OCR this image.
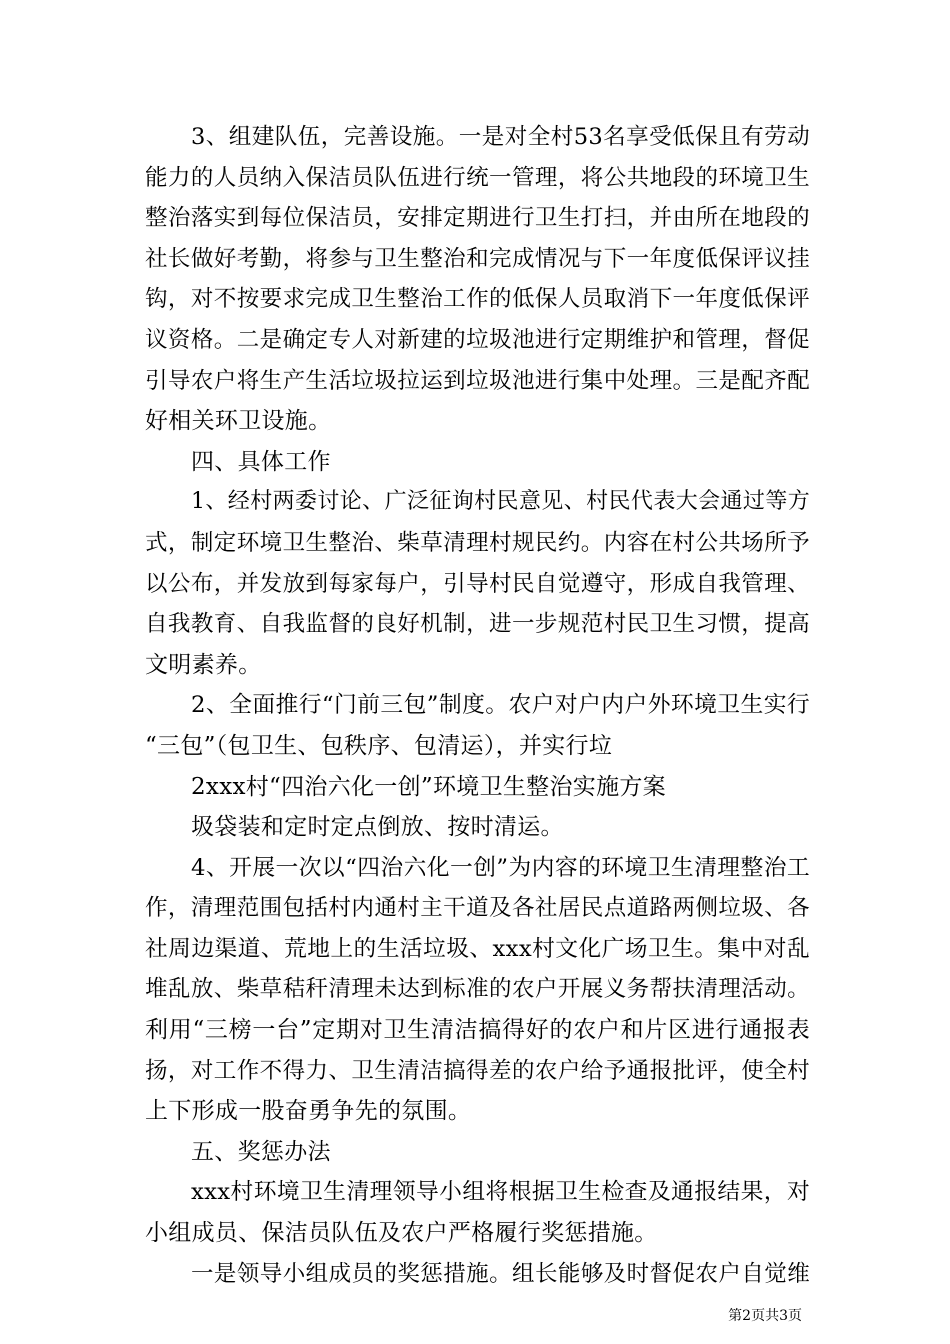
3、组建队伍，完善设施。一是对全村53名享受低保且有劳动
能力的人员纳入保洁员队伍进行统一管理，将公共地段的环境卫生
整治落实到每位保洁员，安排定期进行卫生打扫，并由所在地段的
社长做好考勤，将参与卫生整治和完成情况与下一年度低保评议挂
钩，对不按要求完成卫生整治工作的低保人员取消下一年度低保评
议资格。二是确定专人对新建的垃圾池进行定期维护和管理，督促
引导农户将生产生活垃圾拉运到垃圾池进行集中处理。三是配齐配
好相关环卫设施。
四、具体工作
1、经村两委讨论、广泛征询村民意见、村民代表大会通过等方
式，制定环境卫生整治、柴草清理村规民约。内容在村公共场所予
以公布，并发放到每家每户，引导村民自觉遵守，形成自我管理、
自我教育、自我监督的良好机制，进一步规范村民卫生习惯，提高
文明素养。
2、全面推行“门前三包”制度。农户对户内户外环境卫生实行
“三包”（包卫生、包秩序、包清运），并实行垃
2xxx村“四治六化一创”环境卫生整治实施方案
圾袋装和定时定点倒放、按时清运。
4、开展一次以“四治六化一创”为内容的环境卫生清理整治工
作，清理范围包括村内通村主干道及各社居民点道路两侧垃圾、各
社周边渠道、荒地上的生活垃圾、xxx村文化广场卫生。集中对乱
堆乱放、柴草秸秆清理未达到标准的农户开展义务帮扶清理活动。
利用“三榜一台”定期对卫生清洁搞得好的农户和片区进行通报表
扬，对工作不得力、卫生清洁搞得差的农户给予通报批评，使全村
上下形成一股奋勇争先的氛围。
五、奖惩办法
xxx村环境卫生清理领导小组将根据卫生检查及通报结果，对
小组成员、保洁员队伍及农户严格履行奖惩措施。
一是领导小组成员的奖惩措施。组长能够及时督促农户自觉维
第2页共3页
